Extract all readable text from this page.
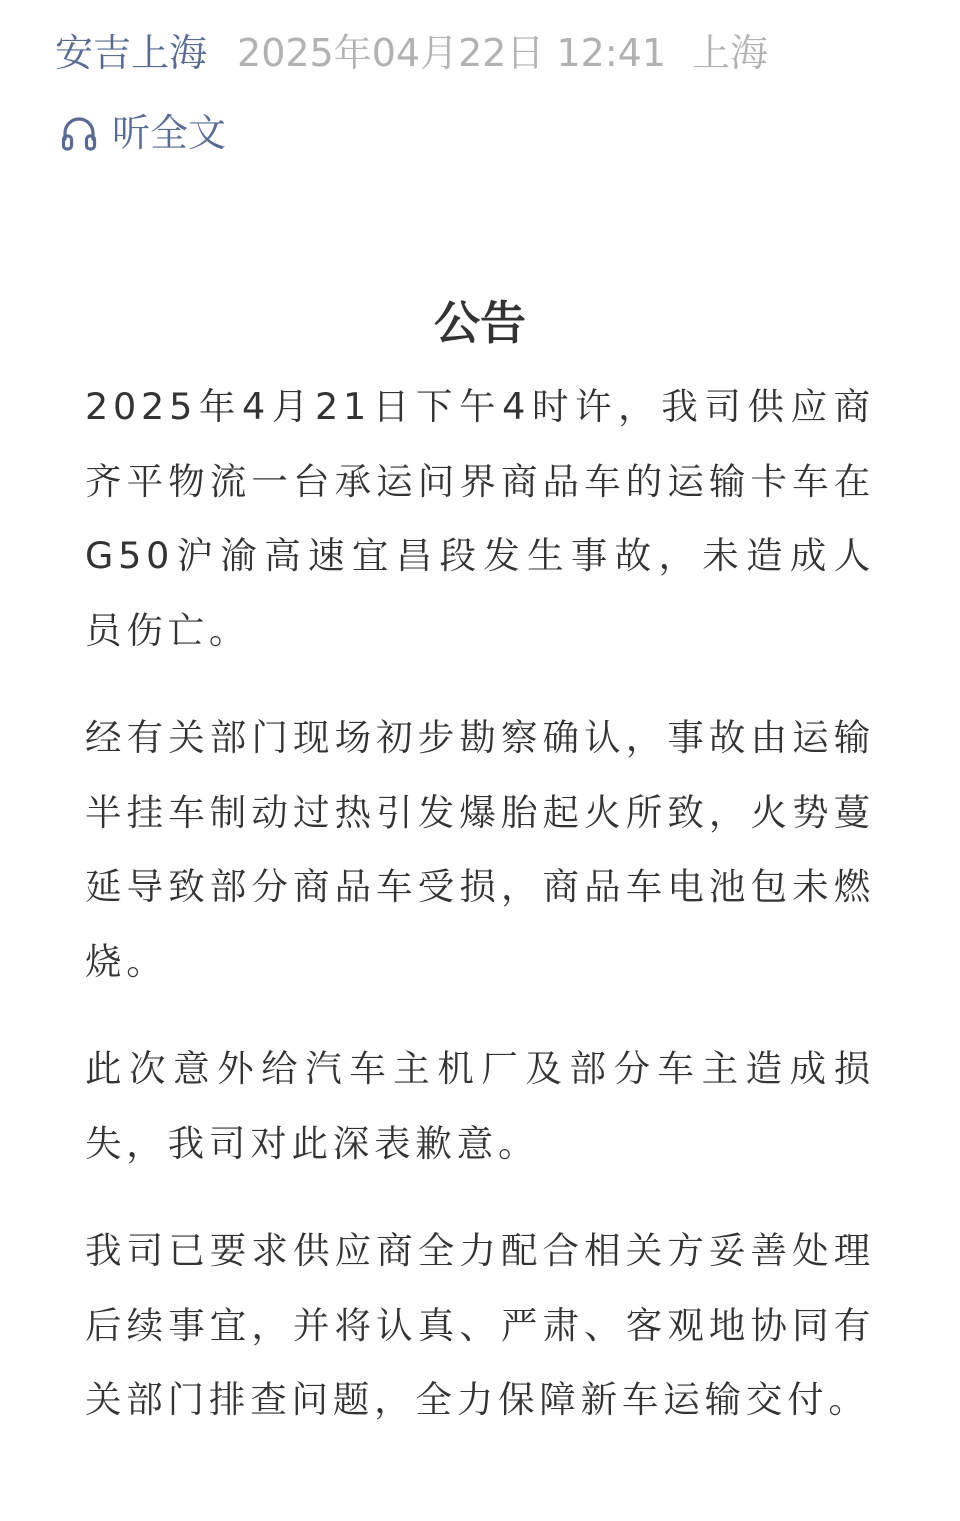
安吉上海 2025年04月22日 12:41 上海
听全文
公告

2025年4月21日下午4时许，我司供应商齐平物流一台承运问界商品车的运输卡车在G50沪渝高速宜昌段发生事故，未造成人员伤亡。

经有关部门现场初步勘察确认，事故由运输半挂车制动过热引发爆胎起火所致，火势蔓延导致部分商品车受损，商品车电池包未燃烧。

此次意外给汽车主机厂及部分车主造成损失，我司对此深表歉意。

我司已要求供应商全力配合相关方妥善处理后续事宜，并将认真、严肃、客观地协同有关部门排查问题，全力保障新车运输交付。
